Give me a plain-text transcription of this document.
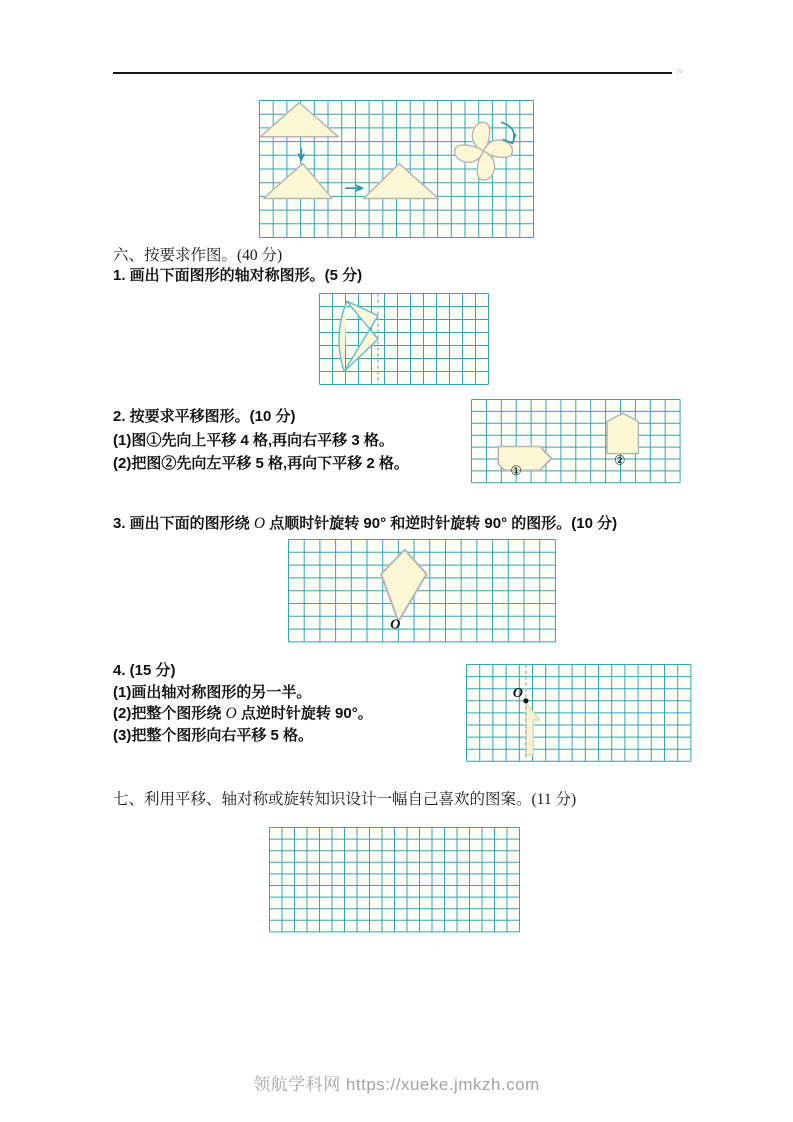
〃
①
②
O
O
六、按要求作图。(40 分)
1. 画出下面图形的轴对称图形。(5 分)
2. 按要求平移图形。(10 分)
(1)图①先向上平移 4 格,再向右平移 3 格。
(2)把图②先向左平移 5 格,再向下平移 2 格。
3. 画出下面的图形绕 O 点顺时针旋转 90° 和逆时针旋转 90° 的图形。(10 分)
4. (15 分)
(1)画出轴对称图形的另一半。
(2)把整个图形绕 O 点逆时针旋转 90°。
(3)把整个图形向右平移 5 格。
七、利用平移、轴对称或旋转知识设计一幅自己喜欢的图案。(11 分)
领航学科网 https://xueke.jmkzh.com
